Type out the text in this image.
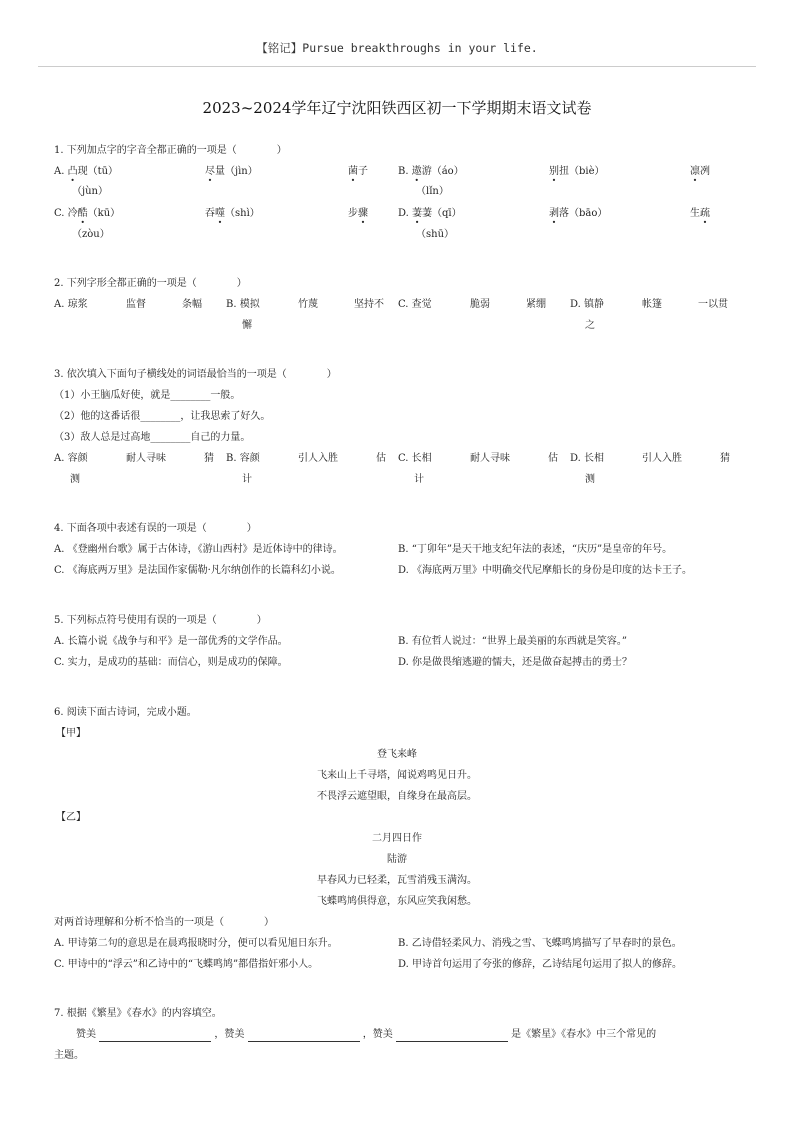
【铭记】Pursue breakthroughs in your life.
2023~2024学年辽宁沈阳铁西区初一下学期期末语文试卷
1. 下列加点字的字音全都正确的一项是（　　　　）
A. 凸现（tū）	尽量（jìn）	菌子
（jùn）
B. 遨游（áo）	别扭（biè）	凛冽
（lǐn）
C. 冷酷（kū）	吞噬（shì）	步骤
（zòu）
D. 萋萋（qī）	剥落（bāo）	生疏
（shū）
2. 下列字形全都正确的一项是（　　　　）
A. 琼浆	监督	条幅 B. 模拟	竹蔑	坚持不
懈
C. 查觉	脆弱	紧绷 D. 镇静	帐篷	一以贯
之
3. 依次填入下面句子横线处的词语最恰当的一项是（　　　　）
（1）小王脑瓜好使，就是________一般。
（2）他的这番话很________，让我思索了好久。
（3）敌人总是过高地________自己的力量。
A. 容颜	耐人寻味	猜
测
B. 容颜	引人入胜	估
计
C. 长相	耐人寻味	估
计
D. 长相	引人入胜	猜
测
4. 下面各项中表述有误的一项是（　　　　）
A. 《登幽州台歌》属于古体诗，《游山西村》是近体诗中的律诗。	B. “丁卯年”是天干地支纪年法的表述，“庆历”是皇帝的年号。
C. 《海底两万里》是法国作家儒勒·凡尔纳创作的长篇科幻小说。	D. 《海底两万里》中明确交代尼摩船长的身份是印度的达卡王子。
5. 下列标点符号使用有误的一项是（　　　　）
A. 长篇小说《战争与和平》是一部优秀的文学作品。	B. 有位哲人说过：“世界上最美丽的东西就是笑容。”
C. 实力，是成功的基础：而信心，则是成功的保障。	D. 你是做畏缩逃避的懦夫，还是做奋起搏击的勇士？
6. 阅读下面古诗词，完成小题。
【甲】
登飞来峰
飞来山上千寻塔，闻说鸡鸣见日升。
不畏浮云遮望眼，自缘身在最高层。
【乙】
二月四日作
陆游
早春风力已轻柔，瓦雪消残玉满沟。
飞蝶鸣鸠俱得意，东风应笑我闲愁。
对两首诗理解和分析不恰当的一项是（　　　　）
A. 甲诗第二句的意思是在晨鸡报晓时分，便可以看见旭日东升。	B. 乙诗借轻柔风力、消残之雪、飞蝶鸣鸠描写了早春时的景色。
C. 甲诗中的“浮云”和乙诗中的“飞蝶鸣鸠”都借指奸邪小人。	D. 甲诗首句运用了夸张的修辞，乙诗结尾句运用了拟人的修辞。
7. 根据《繁星》《春水》的内容填空。
赞美	，赞美	，赞美	是《繁星》《春水》中三个常见的
主题。
